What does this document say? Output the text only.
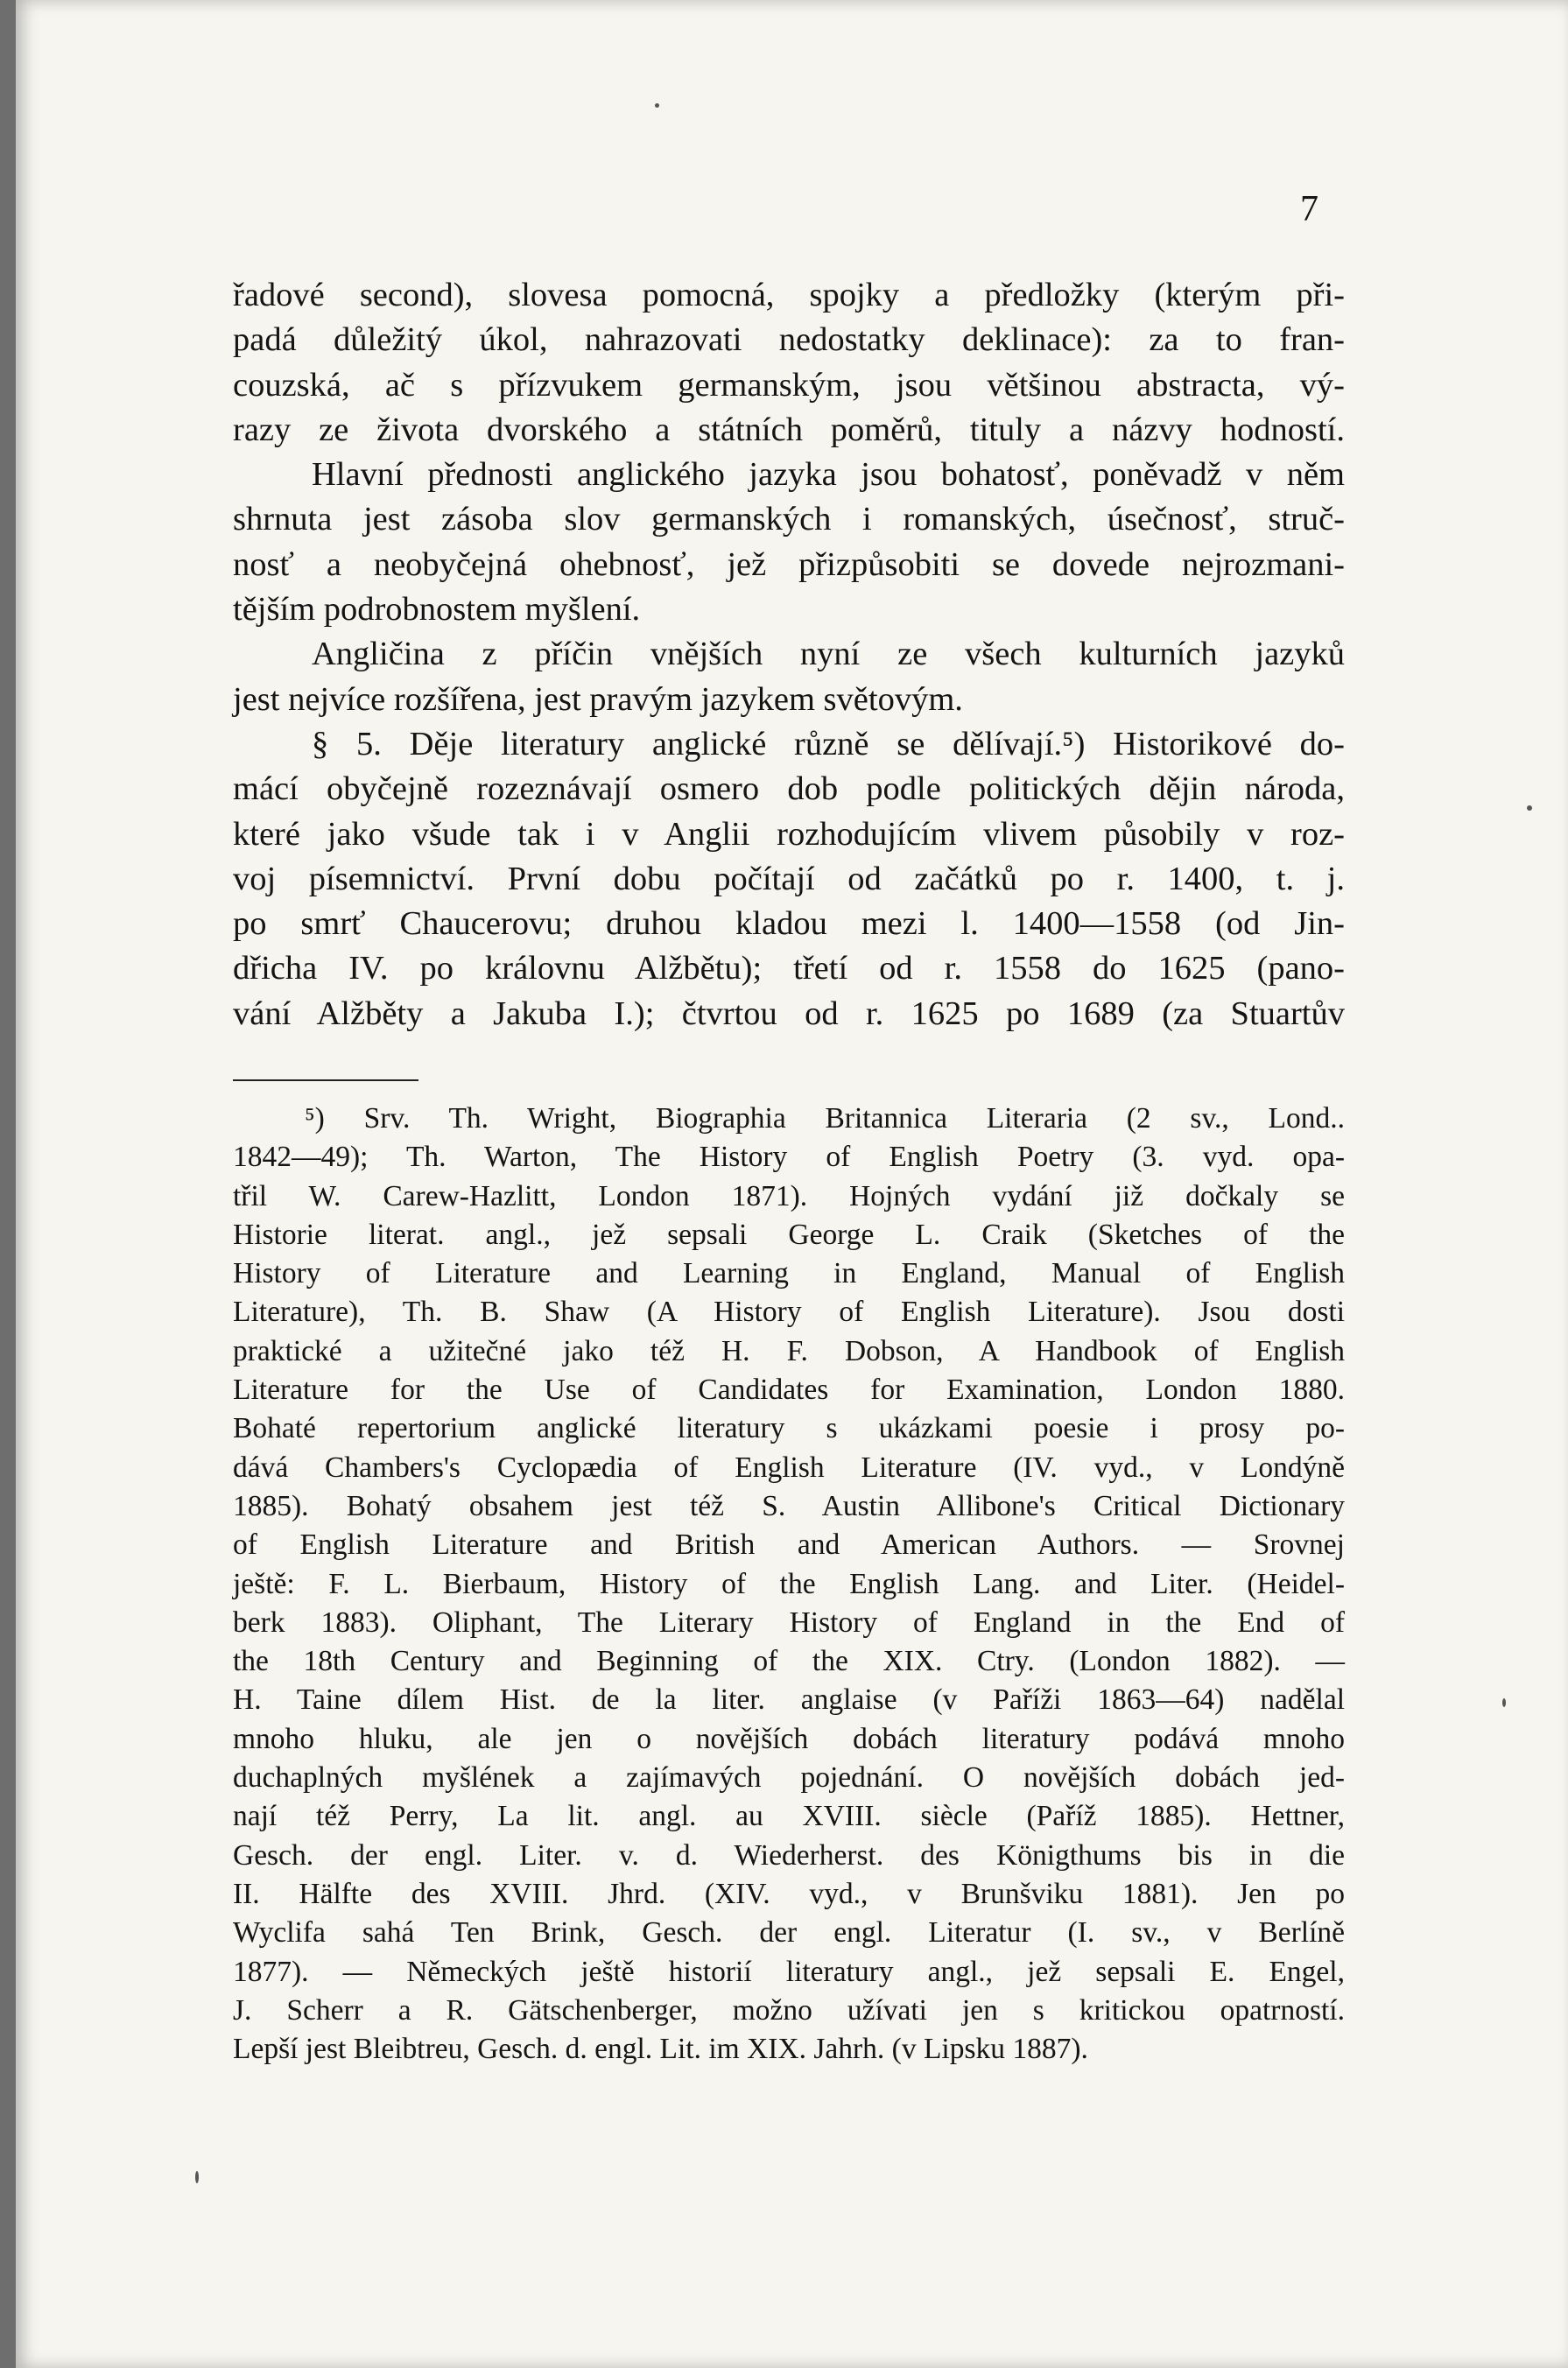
7
řadové second), slovesa pomocná, spojky a předložky (kterým při-
padá důležitý úkol, nahrazovati nedostatky deklinace): za to fran-
couzská, ač s přízvukem germanským, jsou většinou abstracta, vý-
razy ze života dvorského a státních poměrů, tituly a názvy hodností.
Hlavní přednosti anglického jazyka jsou bohatosť, poněvadž v něm
shrnuta jest zásoba slov germanských i romanských, úsečnosť, struč-
nosť a neobyčejná ohebnosť, jež přizpůsobiti se dovede nejrozmani-
tějším podrobnostem myšlení.
Angličina z příčin vnějších nyní ze všech kulturních jazyků
jest nejvíce rozšířena, jest pravým jazykem světovým.
§ 5. Děje literatury anglické různě se dělívají.⁵) Historikové do-
mácí obyčejně rozeznávají osmero dob podle politických dějin národa,
které jako všude tak i v Anglii rozhodujícím vlivem působily v roz-
voj písemnictví. První dobu počítají od začátků po r. 1400, t. j.
po smrť Chaucerovu; druhou kladou mezi l. 1400—1558 (od Jin-
dřicha IV. po královnu Alžbětu); třetí od r. 1558 do 1625 (pano-
vání Alžběty a Jakuba I.); čtvrtou od r. 1625 po 1689 (za Stuartův
⁵) Srv. Th. Wright, Biographia Britannica Literaria (2 sv., Lond..
1842—49); Th. Warton, The History of English Poetry (3. vyd. opa-
třil W. Carew-Hazlitt, London 1871). Hojných vydání již dočkaly se
Historie literat. angl., jež sepsali George L. Craik (Sketches of the
History of Literature and Learning in England, Manual of English
Literature), Th. B. Shaw (A History of English Literature). Jsou dosti
praktické a užitečné jako též H. F. Dobson, A Handbook of English
Literature for the Use of Candidates for Examination, London 1880.
Bohaté repertorium anglické literatury s ukázkami poesie i prosy po-
dává Chambers's Cyclopædia of English Literature (IV. vyd., v Londýně
1885). Bohatý obsahem jest též S. Austin Allibone's Critical Dictionary
of English Literature and British and American Authors. — Srovnej
ještě: F. L. Bierbaum, History of the English Lang. and Liter. (Heidel-
berk 1883). Oliphant, The Literary History of England in the End of
the 18th Century and Beginning of the XIX. Ctry. (London 1882). —
H. Taine dílem Hist. de la liter. anglaise (v Paříži 1863—64) nadělal
mnoho hluku, ale jen o novějších dobách literatury podává mnoho
duchaplných myšlének a zajímavých pojednání. O novějších dobách jed-
nají též Perry, La lit. angl. au XVIII. siècle (Paříž 1885). Hettner,
Gesch. der engl. Liter. v. d. Wiederherst. des Königthums bis in die
II. Hälfte des XVIII. Jhrd. (XIV. vyd., v Brunšviku 1881). Jen po
Wyclifa sahá Ten Brink, Gesch. der engl. Literatur (I. sv., v Berlíně
1877). — Německých ještě historií literatury angl., jež sepsali E. Engel,
J. Scherr a R. Gätschenberger, možno užívati jen s kritickou opatrností.
Lepší jest Bleibtreu, Gesch. d. engl. Lit. im XIX. Jahrh. (v Lipsku 1887).
